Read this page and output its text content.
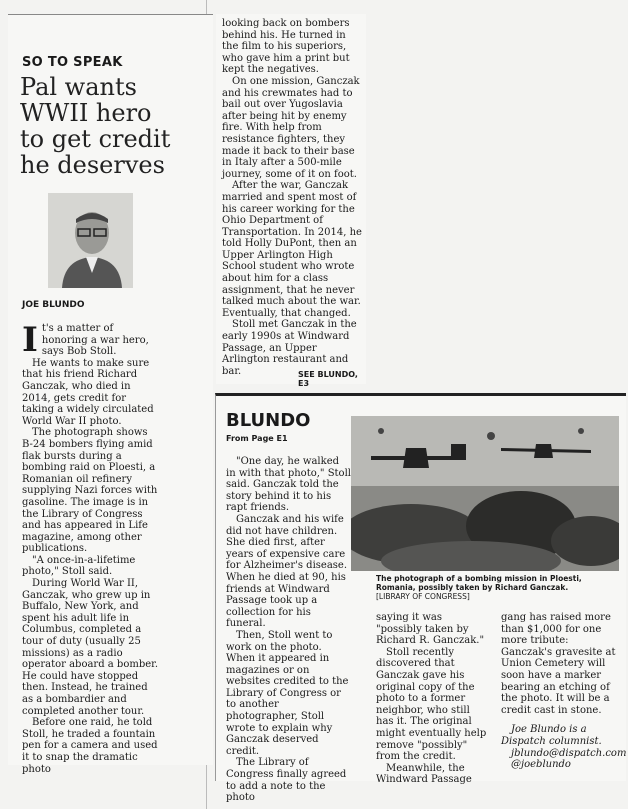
SO TO SPEAK
Pal wants
WWII hero
to get credit
he deserves
JOE BLUNDO

It's a matter of honoring a war hero, says Bob Stoll.

He wants to make sure that his friend Richard Ganczak, who died in 2014, gets credit for taking a widely circulated World War II photo.

The photograph shows B-24 bombers flying amid flak bursts during a bombing raid on Ploesti, a Romanian oil refinery supplying Nazi forces with gasoline. The image is in the Library of Congress and has appeared in Life magazine, among other publications.

"A once-in-a-lifetime photo," Stoll said.

During World War II, Ganczak, who grew up in Buffalo, New York, and spent his adult life in Columbus, completed a tour of duty (usually 25 missions) as a radio operator aboard a bomber. He could have stopped then. Instead, he trained as a bombardier and completed another tour.

Before one raid, he told Stoll, he traded a fountain pen for a camera and used it to snap the dramatic photo

looking back on bombers behind his. He turned in the film to his superiors, who gave him a print but kept the negatives.

On one mission, Ganczak and his crewmates had to bail out over Yugoslavia after being hit by enemy fire. With help from resistance fighters, they made it back to their base in Italy after a 500-mile journey, some of it on foot.

After the war, Ganczak married and spent most of his career working for the Ohio Department of Transportation. In 2014, he told Holly DuPont, then an Upper Arlington High School student who wrote about him for a class assignment, that he never talked much about the war. Eventually, that changed.

Stoll met Ganczak in the early 1990s at Windward Passage, an Upper Arlington restaurant and bar.	SEE BLUNDO, E3
BLUNDO
From Page E1

"One day, he walked in with that photo," Stoll said. Ganczak told the story behind it to his rapt friends.

Ganczak and his wife did not have children. She died first, after years of expensive care for Alzheimer's disease. When he died at 90, his friends at Windward Passage took up a collection for his funeral.

Then, Stoll went to work on the photo. When it appeared in magazines or on websites credited to the Library of Congress or to another photographer, Stoll wrote to explain why Ganczak deserved credit.

The Library of Congress finally agreed to add a note to the photo

The photograph of a bombing mission in Ploesti, Romania, possibly taken by Richard Ganczak.
[LIBRARY OF CONGRESS]

saying it was "possibly taken by Richard R. Ganczak."

Stoll recently discovered that Ganczak gave his original copy of the photo to a former neighbor, who still has it. The original might eventually help remove "possibly" from the credit.

Meanwhile, the Windward Passage

gang has raised more than $1,000 for one more tribute: Ganczak's gravesite at Union Cemetery will soon have a marker bearing an etching of the photo. It will be a credit cast in stone.

Joe Blundo is a Dispatch columnist.

jblundo@dispatch.com

@joeblundo
